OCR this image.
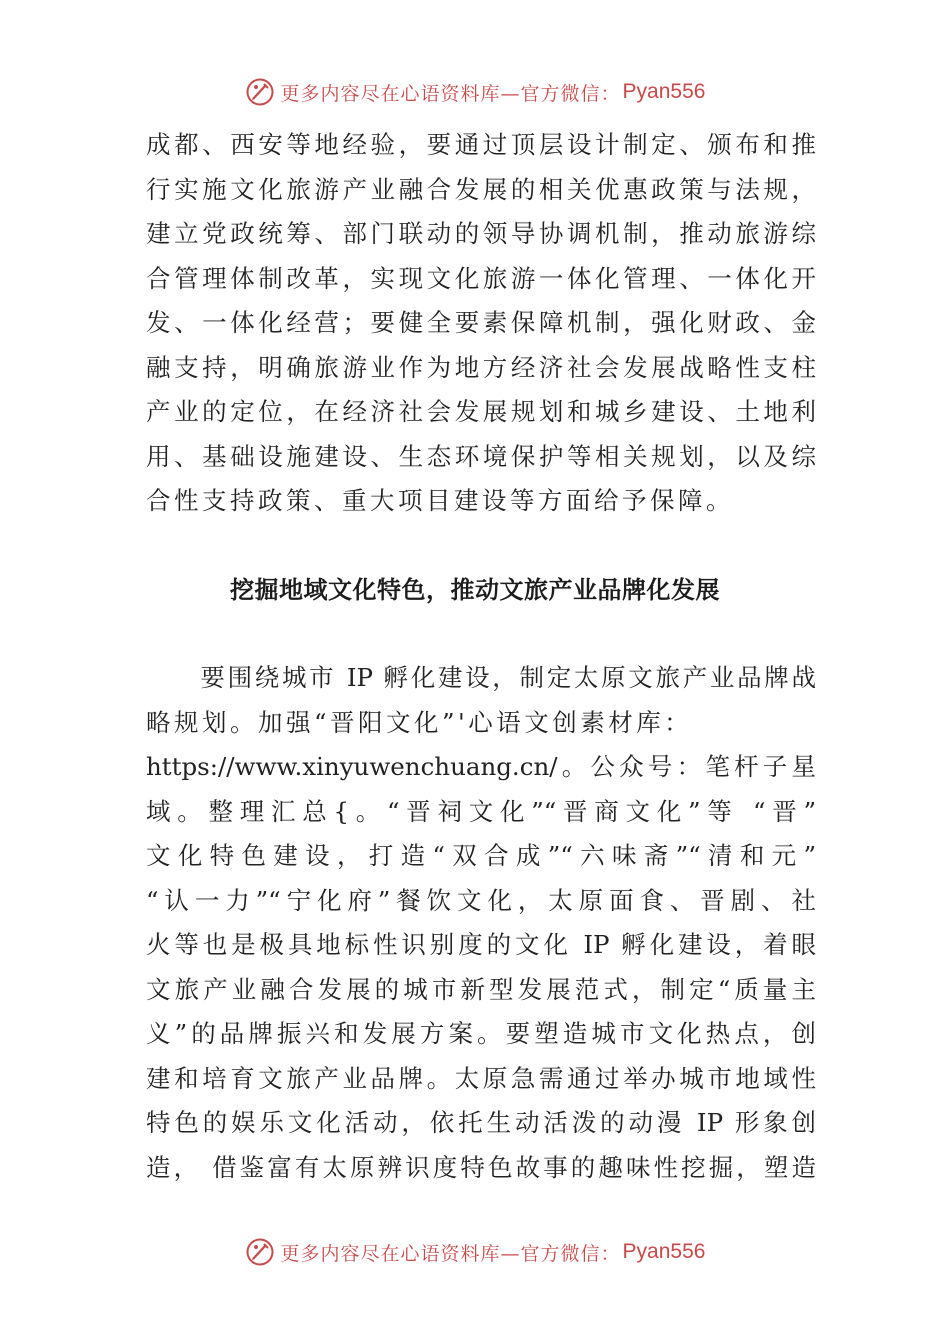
更多内容尽在心语资料库—官方微信： Pyan556
成都、西安等地经验，要通过顶层设计制定、颁布和推
行实施文化旅游产业融合发展的相关优惠政策与法规，
建立党政统筹、部门联动的领导协调机制，推动旅游综
合管理体制改革，实现文化旅游一体化管理、一体化开
发、一体化经营；要健全要素保障机制，强化财政、金
融支持，明确旅游业作为地方经济社会发展战略性支柱
产业的定位，在经济社会发展规划和城乡建设、土地利
用、基础设施建设、生态环境保护等相关规划，以及综
合性支持政策、重大项目建设等方面给予保障。
挖掘地域文化特色，推动文旅产业品牌化发展
　　要围绕城市 IP 孵化建设，制定太原文旅产业品牌战
略规划。加强“晋阳文化”'心语文创素材库：
https://www.xinyuwenchuang.cn/。公众号：笔杆子星
域。整理汇总{。“晋祠文化”“晋商文化”等 “晋”
文化特色建设，打造“双合成”“六味斋”“清和元”
“认一力”“宁化府”餐饮文化，太原面食、晋剧、社
火等也是极具地标性识别度的文化 IP 孵化建设，着眼
文旅产业融合发展的城市新型发展范式，制定“质量主
义”的品牌振兴和发展方案。要塑造城市文化热点，创
建和培育文旅产业品牌。太原急需通过举办城市地域性
特色的娱乐文化活动，依托生动活泼的动漫 IP 形象创
造， 借鉴富有太原辨识度特色故事的趣味性挖掘，塑造
更多内容尽在心语资料库—官方微信： Pyan556
